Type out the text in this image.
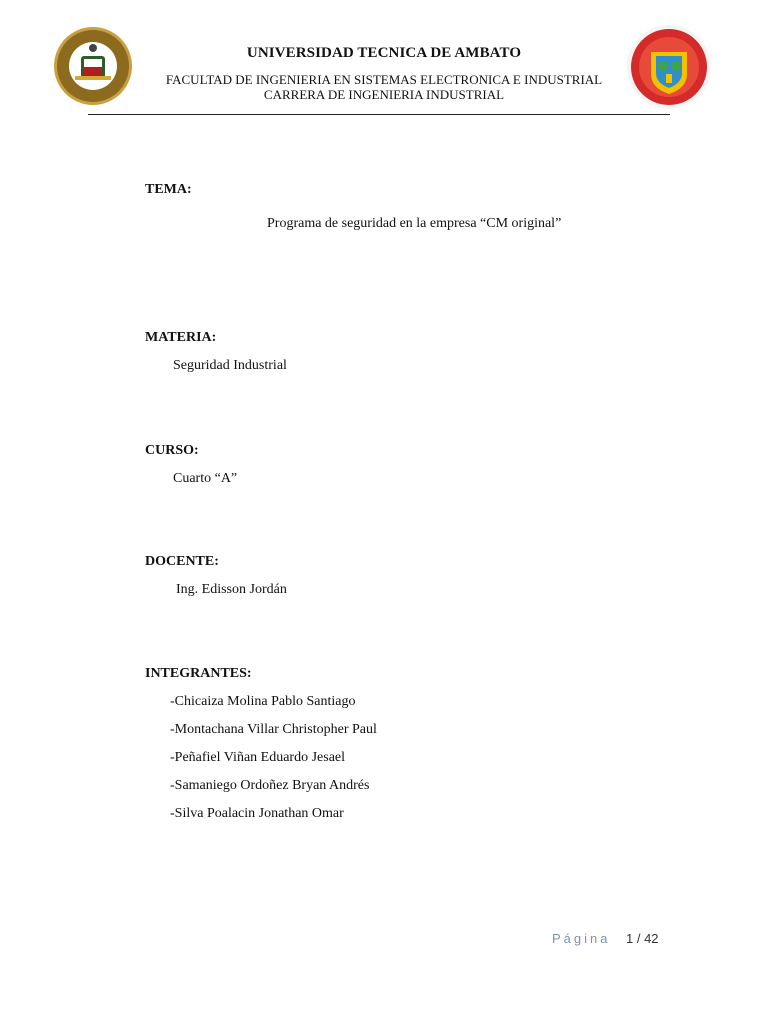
UNIVERSIDAD TECNICA DE AMBATO
FACULTAD DE INGENIERIA EN SISTEMAS ELECTRONICA E INDUSTRIAL
CARRERA DE INGENIERIA INDUSTRIAL
TEMA:
Programa de seguridad en la empresa “CM original”
MATERIA:
Seguridad Industrial
CURSO:
Cuarto “A”
DOCENTE:
Ing. Edisson Jordán
INTEGRANTES:
-Chicaiza Molina Pablo Santiago
-Montachana Villar Christopher Paul
-Peñafiel Viñan Eduardo Jesael
-Samaniego Ordoñez Bryan Andrés
-Silva Poalacin Jonathan Omar
Página 1 / 42
